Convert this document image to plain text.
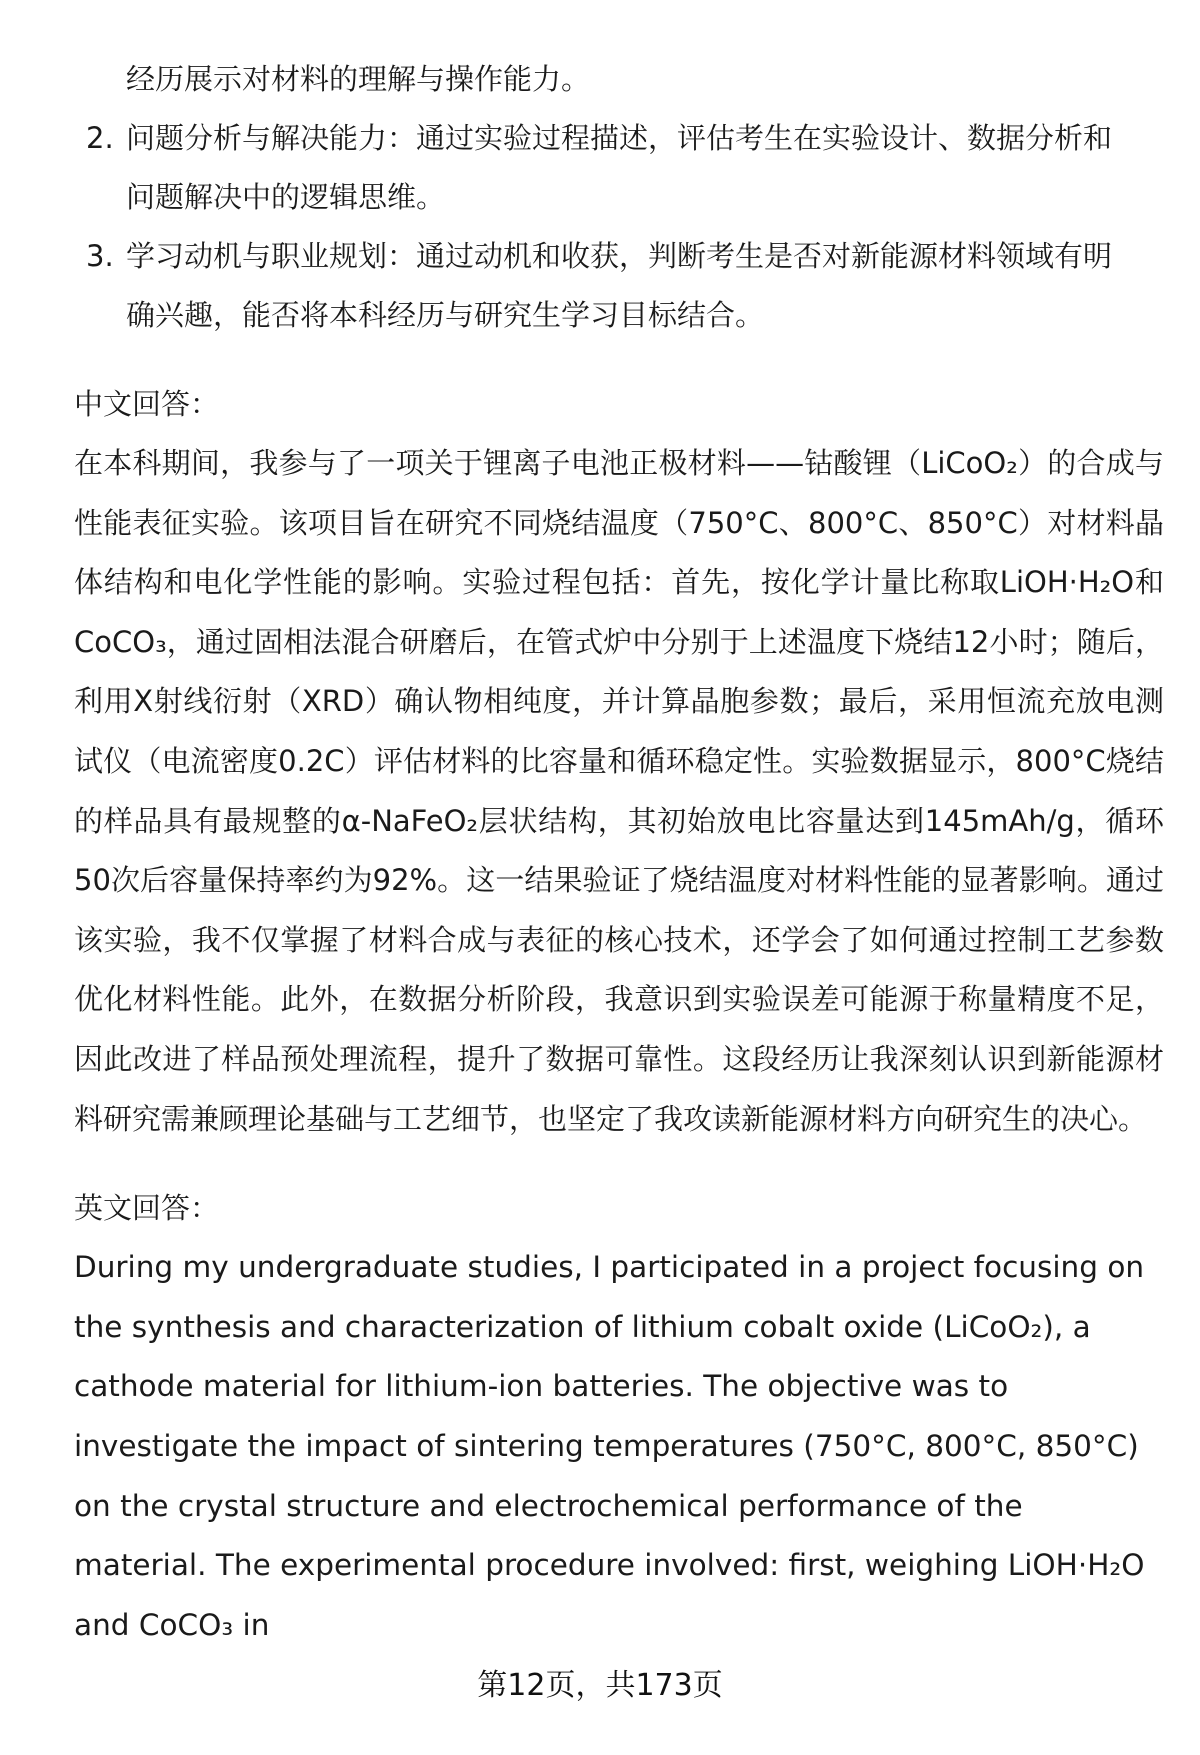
经历展示对材料的理解与操作能力。

2. 问题分析与解决能力：通过实验过程描述，评估考生在实验设计、数据分析和

问题解决中的逻辑思维。

3. 学习动机与职业规划：通过动机和收获，判断考生是否对新能源材料领域有明

确兴趣，能否将本科经历与研究生学习目标结合。

中文回答：

在本科期间，我参与了一项关于锂离子电池正极材料——钴酸锂（LiCoO₂）的合成与性能表征实验。该项目旨在研究不同烧结温度（750°C、800°C、850°C）对材料晶体结构和电化学性能的影响。实验过程包括：首先，按化学计量比称取LiOH·H₂O和CoCO₃，通过固相法混合研磨后，在管式炉中分别于上述温度下烧结12小时；随后，利用X射线衍射（XRD）确认物相纯度，并计算晶胞参数；最后，采用恒流充放电测试仪（电流密度0.2C）评估材料的比容量和循环稳定性。实验数据显示，800°C烧结的样品具有最规整的α-NaFeO₂层状结构，其初始放电比容量达到145mAh/g，循环50次后容量保持率约为92%。这一结果验证了烧结温度对材料性能的显著影响。通过该实验，我不仅掌握了材料合成与表征的核心技术，还学会了如何通过控制工艺参数优化材料性能。此外，在数据分析阶段，我意识到实验误差可能源于称量精度不足，因此改进了样品预处理流程，提升了数据可靠性。这段经历让我深刻认识到新能源材料研究需兼顾理论基础与工艺细节，也坚定了我攻读新能源材料方向研究生的决心。

英文回答：

During my undergraduate studies, I participated in a project focusing on the synthesis and characterization of lithium cobalt oxide (LiCoO₂), a cathode material for lithium-ion batteries. The objective was to investigate the impact of sintering temperatures (750°C, 800°C, 850°C) on the crystal structure and electrochemical performance of the material. The experimental procedure involved: first, weighing LiOH·H₂O and CoCO₃ in

第12页，共173页
